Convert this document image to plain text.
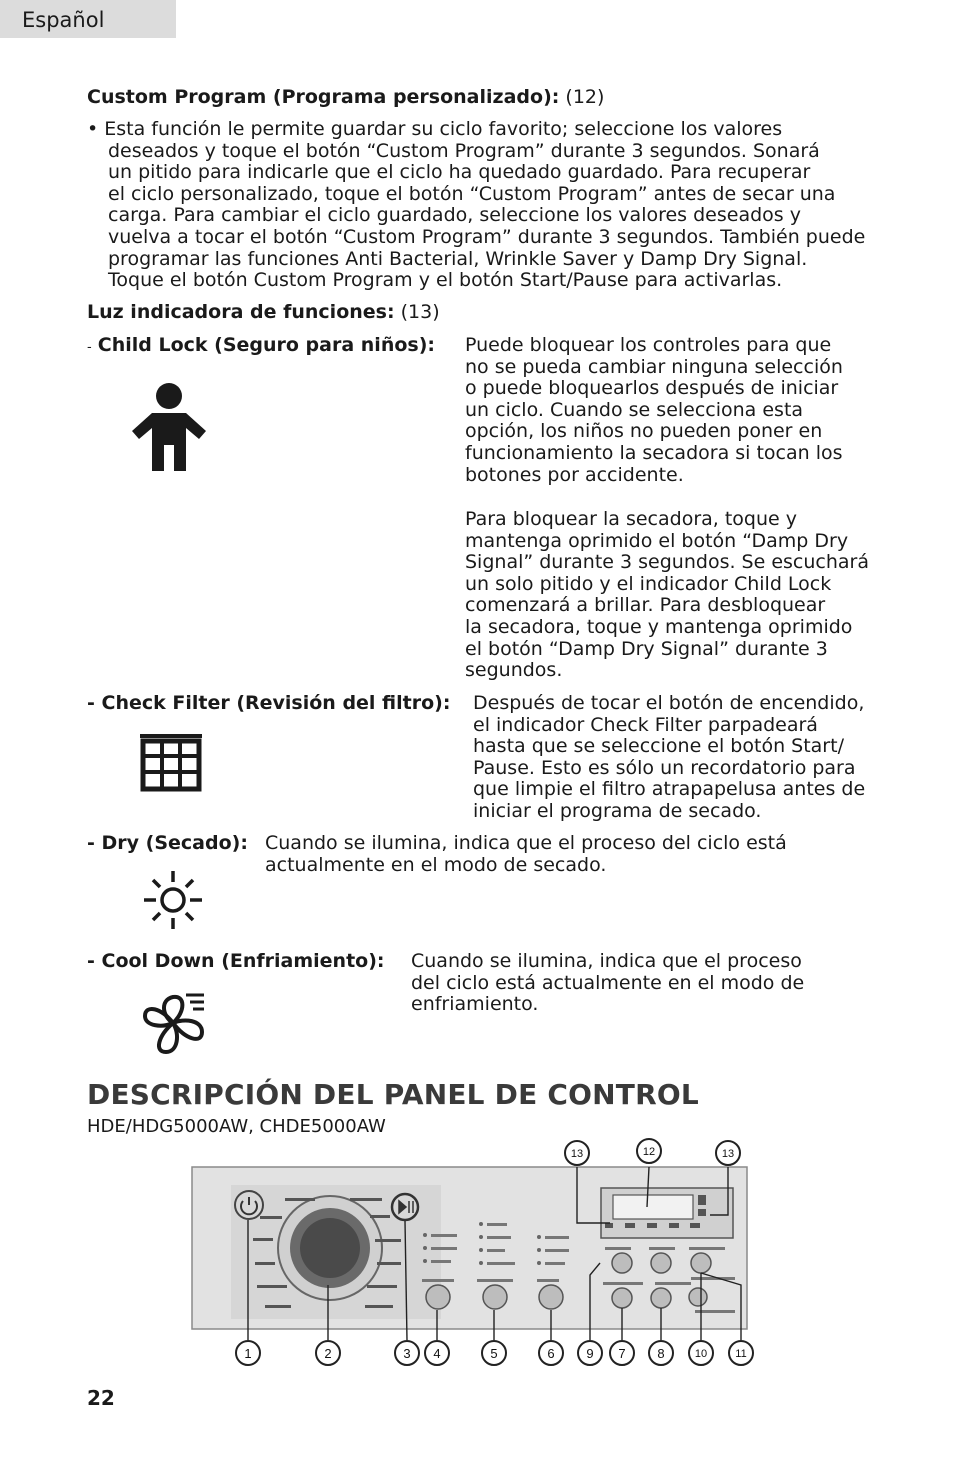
Español
Custom Program (Programa personalizado): (12)
• Esta función le permite guardar su ciclo favorito; seleccione los valores
deseados y toque el botón “Custom Program” durante 3 segundos. Sonará
un pitido para indicarle que el ciclo ha quedado guardado. Para recuperar
el ciclo personalizado, toque el botón “Custom Program” antes de secar una
carga. Para cambiar el ciclo guardado, seleccione los valores deseados y
vuelva a tocar el botón “Custom Program” durante 3 segundos. También puede
programar las funciones Anti Bacterial, Wrinkle Saver y Damp Dry Signal.
Toque el botón Custom Program y el botón Start/Pause para activarlas.
Luz indicadora de funciones: (13)
- Child Lock (Seguro para niños): Puede bloquear los controles para que
no se pueda cambiar ninguna selección
o puede bloquearlos después de iniciar
un ciclo. Cuando se selecciona esta
opción, los niños no pueden poner en
funcionamiento la secadora si tocan los
botones por accidente.
Para bloquear la secadora, toque y
mantenga oprimido el botón “Damp Dry
Signal” durante 3 segundos. Se escuchará
un solo pitido y el indicador Child Lock
comenzará a brillar. Para desbloquear
la secadora, toque y mantenga oprimido
el botón “Damp Dry Signal” durante 3
segundos.
- Check Filter (Revisión del filtro): Después de tocar el botón de encendido,
el indicador Check Filter parpadeará
hasta que se seleccione el botón Start/
Pause. Esto es sólo un recordatorio para
que limpie el filtro atrapapelusa antes de
iniciar el programa de secado.
- Dry (Secado): Cuando se ilumina, indica que el proceso del ciclo está
actualmente en el modo de secado.
- Cool Down (Enfriamiento): Cuando se ilumina, indica que el proceso
del ciclo está actualmente en el modo de
enfriamiento.
DESCRIPCIÓN DEL PANEL DE CONTROL
HDE/HDG5000AW, CHDE5000AW
1	2	3 4	5	6	7 8
9	10	11
12
13	13
22
